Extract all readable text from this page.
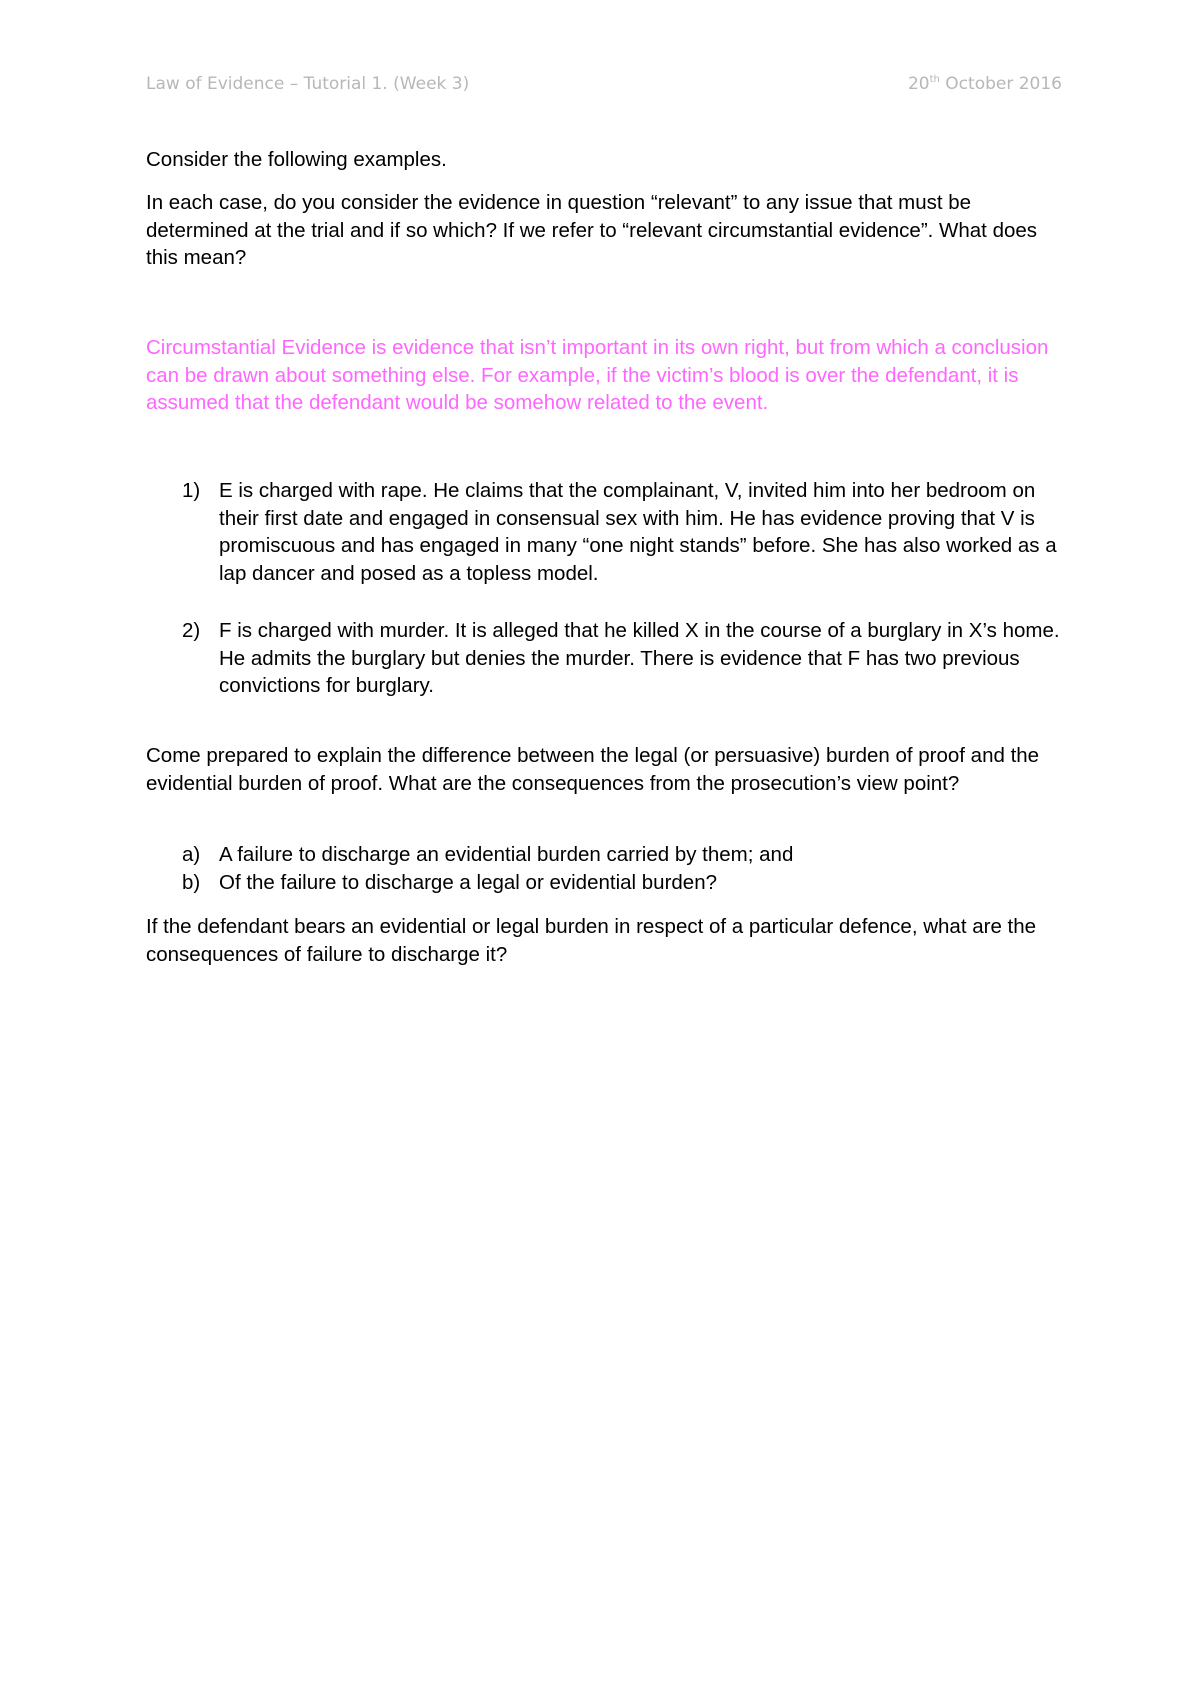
Law of Evidence – Tutorial 1. (Week 3)	20th October 2016

Consider the following examples.

In each case, do you consider the evidence in question “relevant” to any issue that must be determined at the trial and if so which? If we refer to “relevant circumstantial evidence”. What does this mean?

Circumstantial Evidence is evidence that isn’t important in its own right, but from which a conclusion can be drawn about something else. For example, if the victim’s blood is over the defendant, it is assumed that the defendant would be somehow related to the event.

1) E is charged with rape. He claims that the complainant, V, invited him into her bedroom on their first date and engaged in consensual sex with him. He has evidence proving that V is promiscuous and has engaged in many “one night stands” before. She has also worked as a lap dancer and posed as a topless model.
2) F is charged with murder. It is alleged that he killed X in the course of a burglary in X’s home. He admits the burglary but denies the murder. There is evidence that F has two previous convictions for burglary.

Come prepared to explain the difference between the legal (or persuasive) burden of proof and the evidential burden of proof. What are the consequences from the prosecution’s view point?

a) A failure to discharge an evidential burden carried by them; and
b) Of the failure to discharge a legal or evidential burden?

If the defendant bears an evidential or legal burden in respect of a particular defence, what are the consequences of failure to discharge it?
